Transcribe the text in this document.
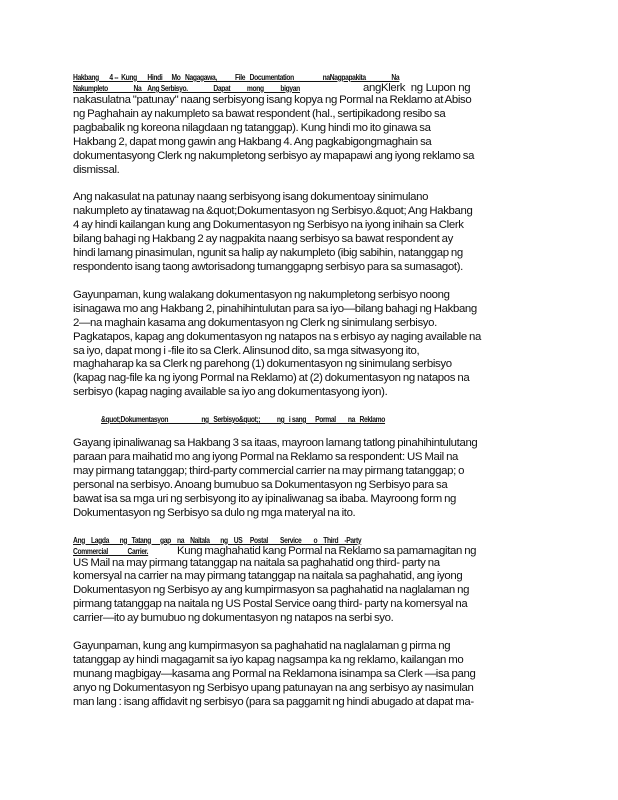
Hakbang       4 --  Kung       Hindi      Mo   Nagagawa,            File   Documentation                   naNagpapakita                 Na
Nakumpleto                 Na    Ang Serbisyo.                 Dapat           mong           bigyan	angKlerk  ng Lupon ng
nakasulatna "patunay" naang serbisyong isang kopya ng Pormal na Reklamo at Abiso
ng Paghahain ay nakumpleto sa bawat respondent (hal., sertipikadong resibo sa
pagbabalik ng koreona nilagdaan ng tatanggap). Kung hindi mo ito ginawa sa
Hakbang 2, dapat mong gawin ang Hakbang 4. Ang pagkabigongmaghain sa
dokumentasyong Clerk ng nakumpletong serbisyo ay mapapawi ang iyong reklamo sa
dismissal.
Ang nakasulat na patunay naang serbisyong isang dokumentoay sinimulano
nakumpleto ay tinatawag na &quot;Dokumentasyon ng Serbisyo.&quot; Ang Hakbang
4 ay hindi kailangan kung ang Dokumentasyon ng Serbisyo na iyong inihain sa Clerk
bilang bahagi ng Hakbang 2 ay nagpakita naang serbisyo sa bawat respondent ay
hindi lamang pinasimulan, ngunit sa halip ay nakumpleto (ibig sabihin, natanggap ng
respondento isang taong awtorisadong tumanggapng serbisyo para sa sumasagot).
Gayunpaman, kung walakang dokumentasyon ng nakumpletong serbisyo noong
isinagawa mo ang Hakbang 2, pinahihintulutan para sa iyo—bilang bahagi ng Hakbang
2—na maghain kasama ang dokumentasyon ng Clerk ng sinimulang serbisyo.
Pagkatapos, kapag ang dokumentasyon ng natapos na s erbisyo ay naging available na
sa iyo, dapat mong i -file ito sa Clerk. Alinsunod dito, sa mga sitwasyong ito,
maghaharap ka sa Clerk ng parehong (1) dokumentasyon ng sinimulang serbisyo
(kapag nag-file ka ng iyong Pormal na Reklamo) at (2) dokumentasyon ng natapos na
serbisyo (kapag naging available sa iyo ang dokumentasyong iyon).
&quot;Dokumentasyon                      ng   Serbisyo&quot;;           ng   i sang      Pormal        na   Reklamo
Gayang ipinaliwanag sa Hakbang 3 sa itaas, mayroon lamang tatlong pinahihintulutang
paraan para maihatid mo ang iyong Pormal na Reklamo sa respondent: US Mail na
may pirmang tatanggap; third-party commercial carrier na may pirmang tatanggap; o
personal na serbisyo. Anoang bumubuo sa Dokumentasyon ng Serbisyo para sa
bawat isa sa mga uri ng serbisyong ito ay ipinaliwanag sa ibaba. Mayroong form ng
Dokumentasyon ng Serbisyo sa dulo ng mga materyal na ito.
Ang    Lagda       ng   Tatang      gap    na    Naitala       ng    US     Postal        Service        o    Third    -Party
Commercial             Carrier.	Kung maghahatid kang Pormal na Reklamo sa pamamagitan ng
US Mail na may pirmang tatanggap na naitala sa paghahatid ong third- party na
komersyal na carrier na may pirmang tatanggap na naitala sa paghahatid, ang iyong
Dokumentasyon ng Serbisyo ay ang kumpirmasyon sa paghahatid na naglalaman ng
pirmang tatanggap na naitala ng US Postal Service oang third- party na komersyal na
carrier—ito ay bumubuo ng dokumentasyon ng natapos na serbi syo.
Gayunpaman, kung ang kumpirmasyon sa paghahatid na naglalaman g pirma ng
tatanggap ay hindi magagamit sa iyo kapag nagsampa ka ng reklamo, kailangan mo
munang magbigay—kasama ang Pormal na Reklamona isinampa sa Clerk —isa pang
anyo ng Dokumentasyon ng Serbisyo upang patunayan na ang serbisyo ay nasimulan
man lang : isang affidavit ng serbisyo (para sa paggamit ng hindi abugado at dapat ma-
